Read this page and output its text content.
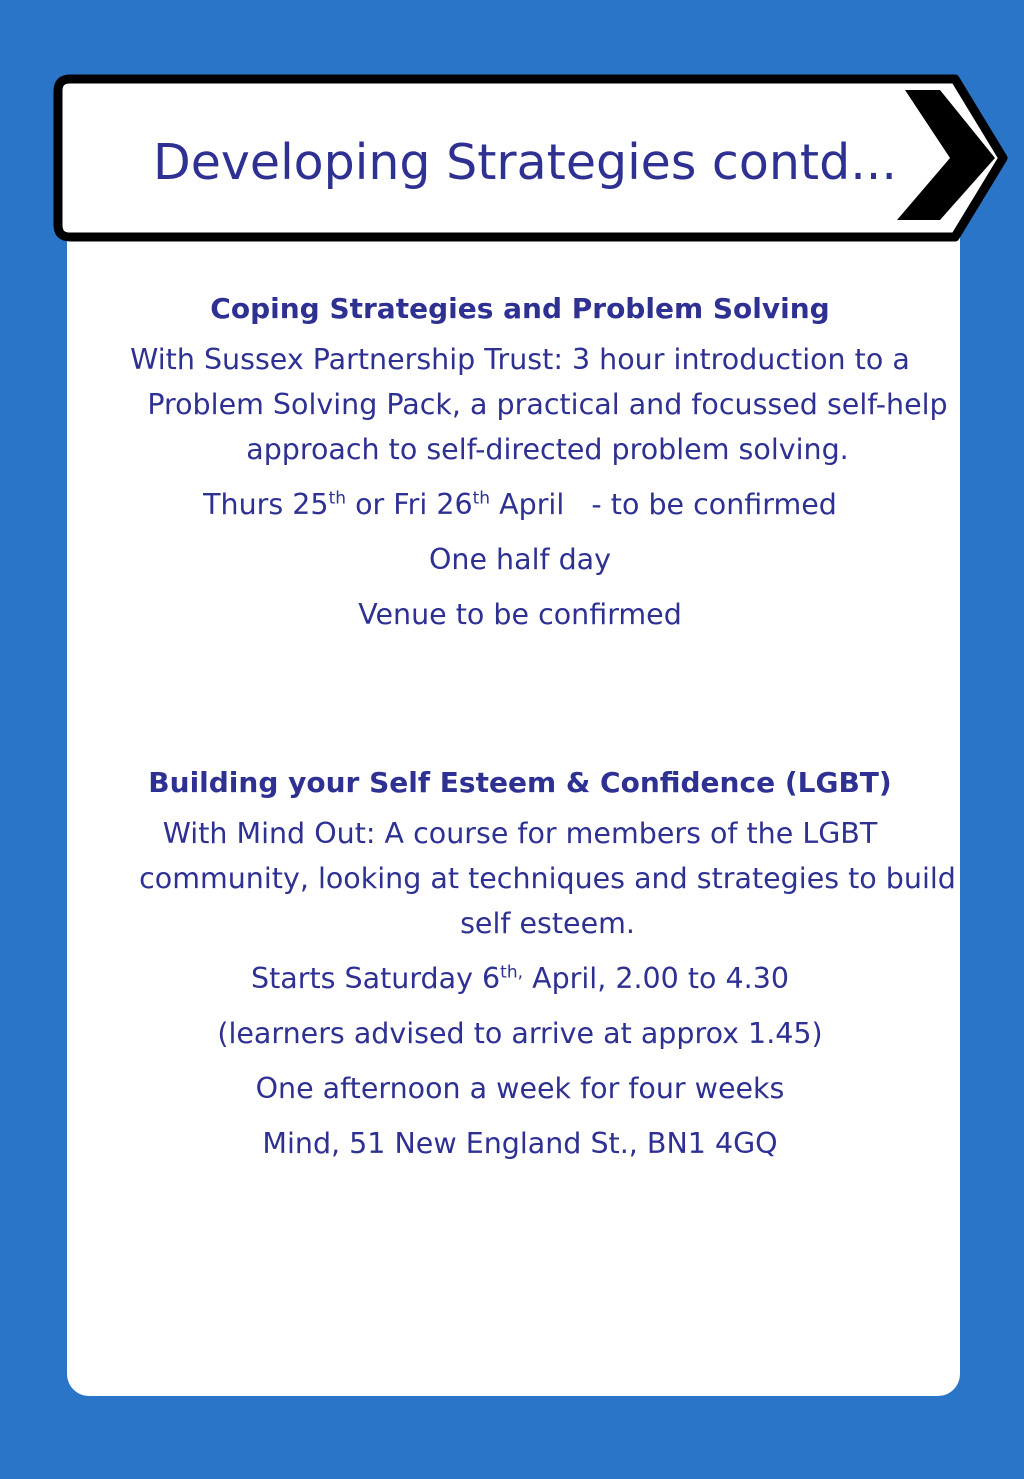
Developing Strategies contd...
Coping Strategies and Problem Solving
With Sussex Partnership Trust: 3 hour introduction to a Problem Solving Pack, a practical and focussed self-help approach to self-directed problem solving.
Thurs 25th or Fri 26th April   - to be confirmed
One half day
Venue to be confirmed
Building your Self Esteem & Confidence (LGBT)
With Mind Out: A course for members of the LGBT community, looking at techniques and strategies to build self esteem.
Starts Saturday $6^{th,}$ April, 2.00 to 4.30
(learners advised to arrive at approx 1.45)
One afternoon a week for four weeks
Mind, 51 New England St., BN1 4GQ
